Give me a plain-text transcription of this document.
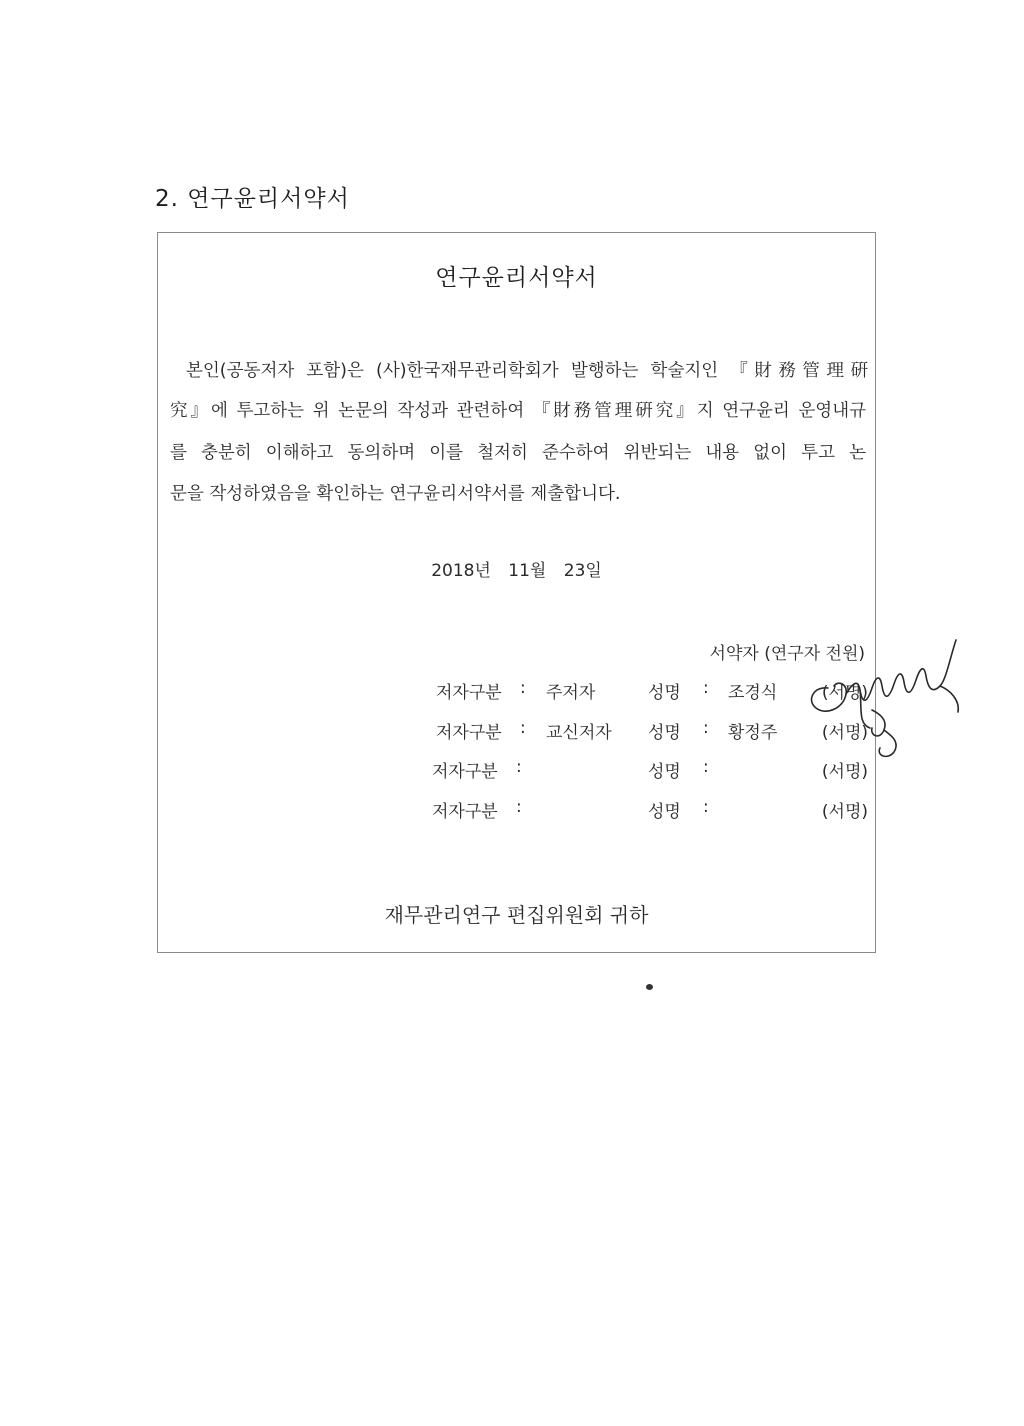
2. 연구윤리서약서
연구윤리서약서
본인(공동저자 포함)은 (사)한국재무관리학회가 발행하는 학술지인 『財務管理硏
究』에 투고하는 위 논문의 작성과 관련하여 『財務管理硏究』지 연구윤리 운영내규
를 충분히 이해하고 동의하며 이를 철저히 준수하여 위반되는 내용 없이 투고 논
문을 작성하였음을 확인하는 연구윤리서약서를 제출합니다.
2018년 11월 23일
서약자 (연구자 전원)
저자구분 : 주저자	성명 : 조경식	(서명)
저자구분 : 교신저자 성명 : 황정주	(서명)
저자구분 :	성명 :	(서명)
저자구분 :	성명 :	(서명)
재무관리연구 편집위원회 귀하
